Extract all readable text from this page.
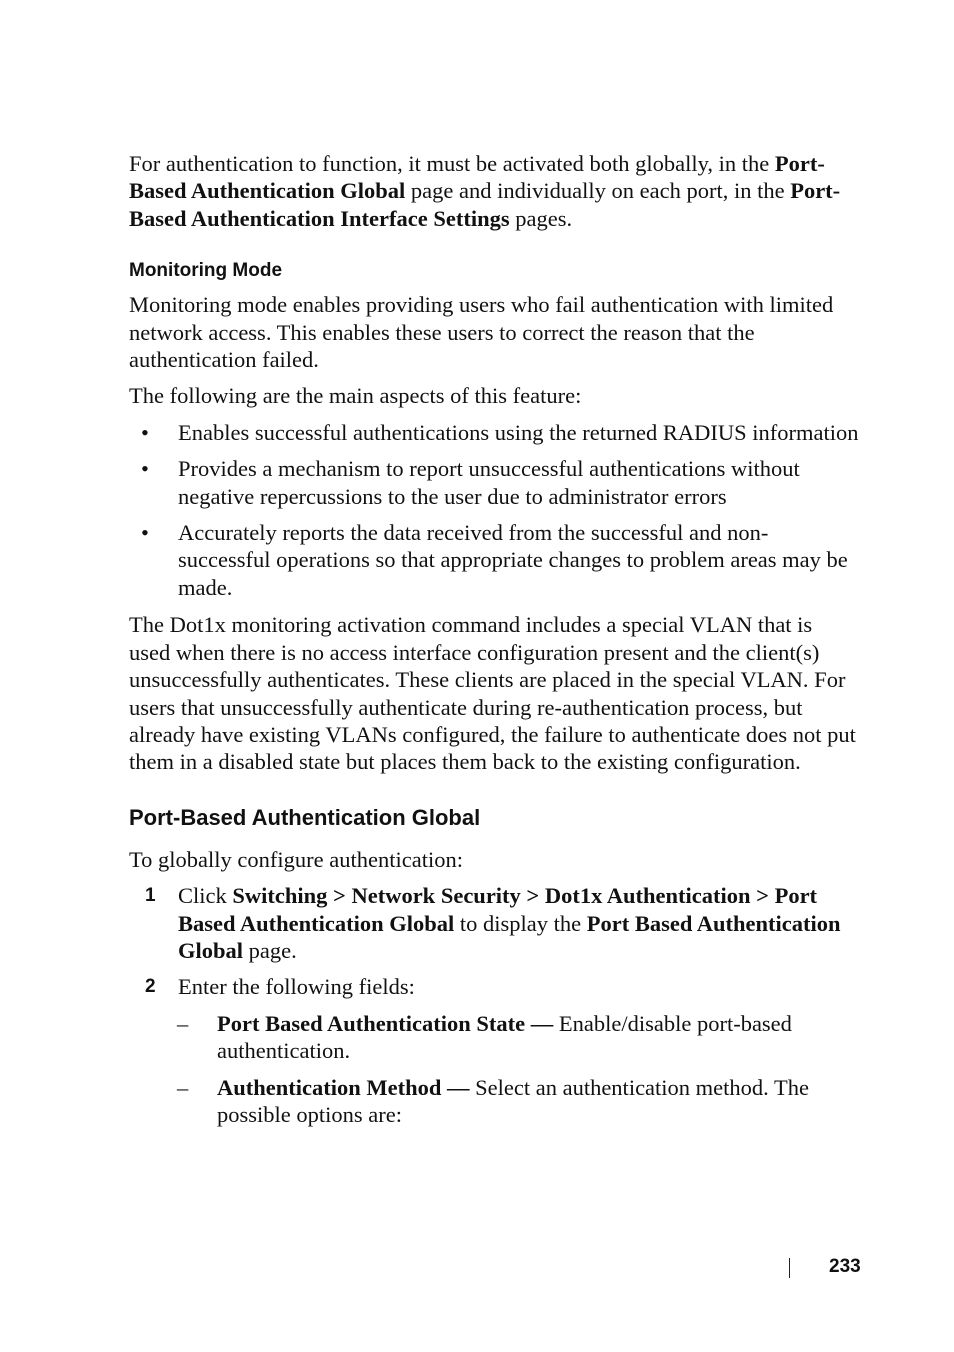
For authentication to function, it must be activated both globally, in the Port-Based Authentication Global page and individually on each port, in the Port-Based Authentication Interface Settings pages.

Monitoring Mode

Monitoring mode enables providing users who fail authentication with limited network access. This enables these users to correct the reason that the authentication failed.

The following are the main aspects of this feature:

• Enables successful authentications using the returned RADIUS information
• Provides a mechanism to report unsuccessful authentications without negative repercussions to the user due to administrator errors
• Accurately reports the data received from the successful and non-successful operations so that appropriate changes to problem areas may be made.

The Dot1x monitoring activation command includes a special VLAN that is used when there is no access interface configuration present and the client(s) unsuccessfully authenticates. These clients are placed in the special VLAN. For users that unsuccessfully authenticate during re-authentication process, but already have existing VLANs configured, the failure to authenticate does not put them in a disabled state but places them back to the existing configuration.

Port-Based Authentication Global

To globally configure authentication:

1 Click Switching > Network Security > Dot1x Authentication > Port Based Authentication Global to display the Port Based Authentication Global page.
2 Enter the following fields:
– Port Based Authentication State — Enable/disable port-based authentication.
– Authentication Method — Select an authentication method. The possible options are:
233
